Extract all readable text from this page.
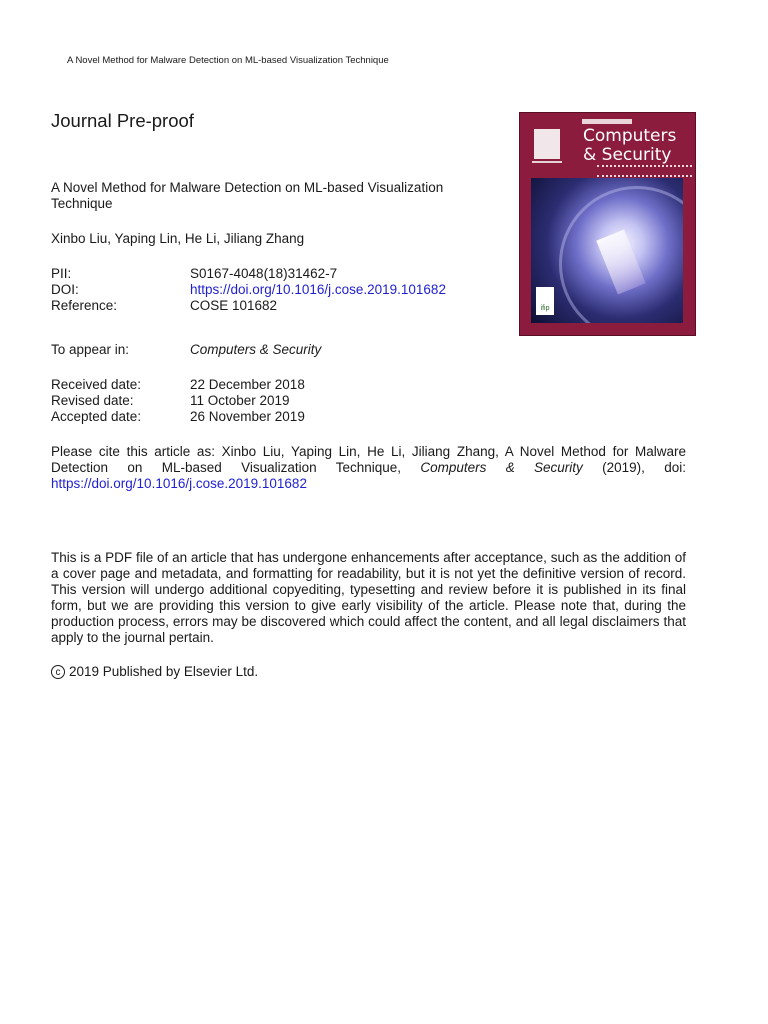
A Novel Method for Malware Detection on ML-based Visualization Technique
Journal Pre-proof
A Novel Method for Malware Detection on ML-based Visualization Technique
Xinbo Liu, Yaping Lin, He Li, Jiliang Zhang
PII:	S0167-4048(18)31462-7
DOI:	https://doi.org/10.1016/j.cose.2019.101682
Reference:	COSE 101682
To appear in:	Computers & Security
Received date:	22 December 2018
Revised date:	11 October 2019
Accepted date:	26 November 2019
Please cite this article as: Xinbo Liu, Yaping Lin, He Li, Jiliang Zhang, A Novel Method for Malware Detection on ML-based Visualization Technique, Computers & Security (2019), doi: https://doi.org/10.1016/j.cose.2019.101682
This is a PDF file of an article that has undergone enhancements after acceptance, such as the addition of a cover page and metadata, and formatting for readability, but it is not yet the definitive version of record. This version will undergo additional copyediting, typesetting and review before it is published in its final form, but we are providing this version to give early visibility of the article. Please note that, during the production process, errors may be discovered which could affect the content, and all legal disclaimers that apply to the journal pertain.
c 2019 Published by Elsevier Ltd.
Computers
& Security
ifip
